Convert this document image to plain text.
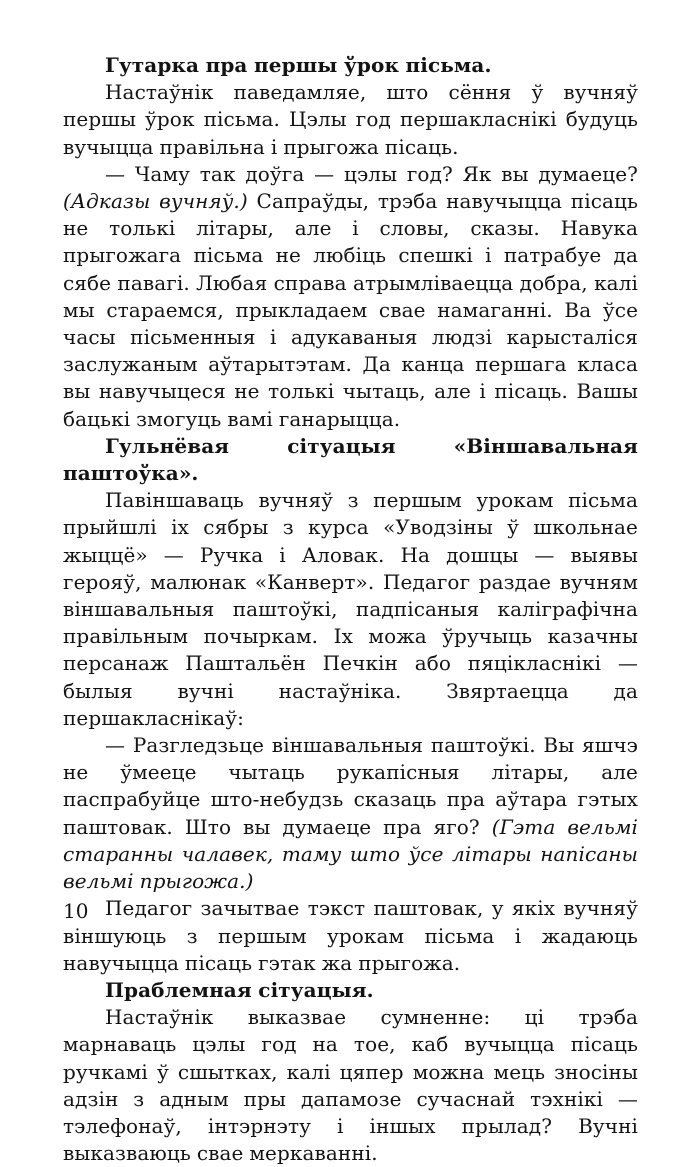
Гутарка пра першы ўрок пісьма.

Настаўнік паведамляе, што сёння ў вучняў першы ўрок пісьма. Цэлы год першакласнікі будуць вучыцца правільна і прыгожа пісаць.

— Чаму так доўга — цэлы год? Як вы думаеце? (Адказы вучняў.) Сапраўды, трэба навучыцца пісаць не толькі літары, але і словы, сказы. Навука прыгожага пісьма не любіць спешкі і патрабуе да сябе павагі. Любая справа атрымліваецца добра, калі мы стараемся, прыкладаем свае намаганні. Ва ўсе часы пісьменныя і адукаваныя людзі карысталіся заслужаным аўтарытэтам. Да канца першага класа вы навучыцеся не толькі чытаць, але і пісаць. Вашы бацькі змогуць вамі ганарыцца.

Гульнёвая сітуацыя «Віншавальная паштоўка».

Павіншаваць вучняў з першым урокам пісьма прыйшлі іх сябры з курса «Уводзіны ў школьнае жыццё» — Ручка і Аловак. На дошцы — выявы герояў, малюнак «Канверт». Педагог раздае вучням віншавальныя паштоўкі, падпісаныя каліграфічна правільным почыркам. Іх можа ўручыць казачны персанаж Паштальён Печкін або пяцікласнікі — былыя вучні настаўніка. Звяртаецца да першакласнікаў:

— Разгледзьце віншавальныя паштоўкі. Вы яшчэ не ўмееце чытаць рукапісныя літары, але паспрабуйце што-небудзь сказаць пра аўтара гэтых паштовак. Што вы думаеце пра яго? (Гэта вельмі старанны чалавек, таму што ўсе літары напісаны вельмі прыгожа.)

Педагог зачытвае тэкст паштовак, у якіх вучняў віншуюць з першым урокам пісьма і жадаюць навучыцца пісаць гэтак жа прыгожа.

Праблемная сітуацыя.

Настаўнік выказвае сумненне: ці трэба марнаваць цэлы год на тое, каб вучыцца пісаць ручкамі ў сшытках, калі цяпер можна мець зносіны адзін з адным пры дапамозе сучаснай тэхнікі — тэлефонаў, інтэрнэту і іншых прылад? Вучні выказваюць свае меркаванні.

10
